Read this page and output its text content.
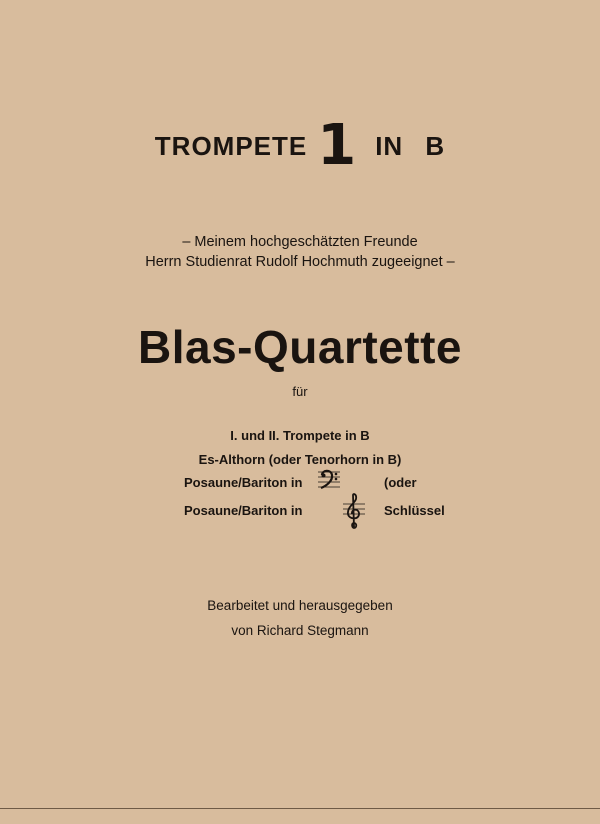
TROMPETE 1 IN B
– Meinem hochgeschätzten Freunde
Herrn Studienrat Rudolf Hochmuth zugeeignet –
Blas-Quartette
für
I. und II. Trompete in B
Es-Althorn (oder Tenorhorn in B)
Posaune/Bariton in	(oder
Posaune/Bariton in	Schlüssel
Bearbeitet und herausgegeben
von Richard Stegmann
